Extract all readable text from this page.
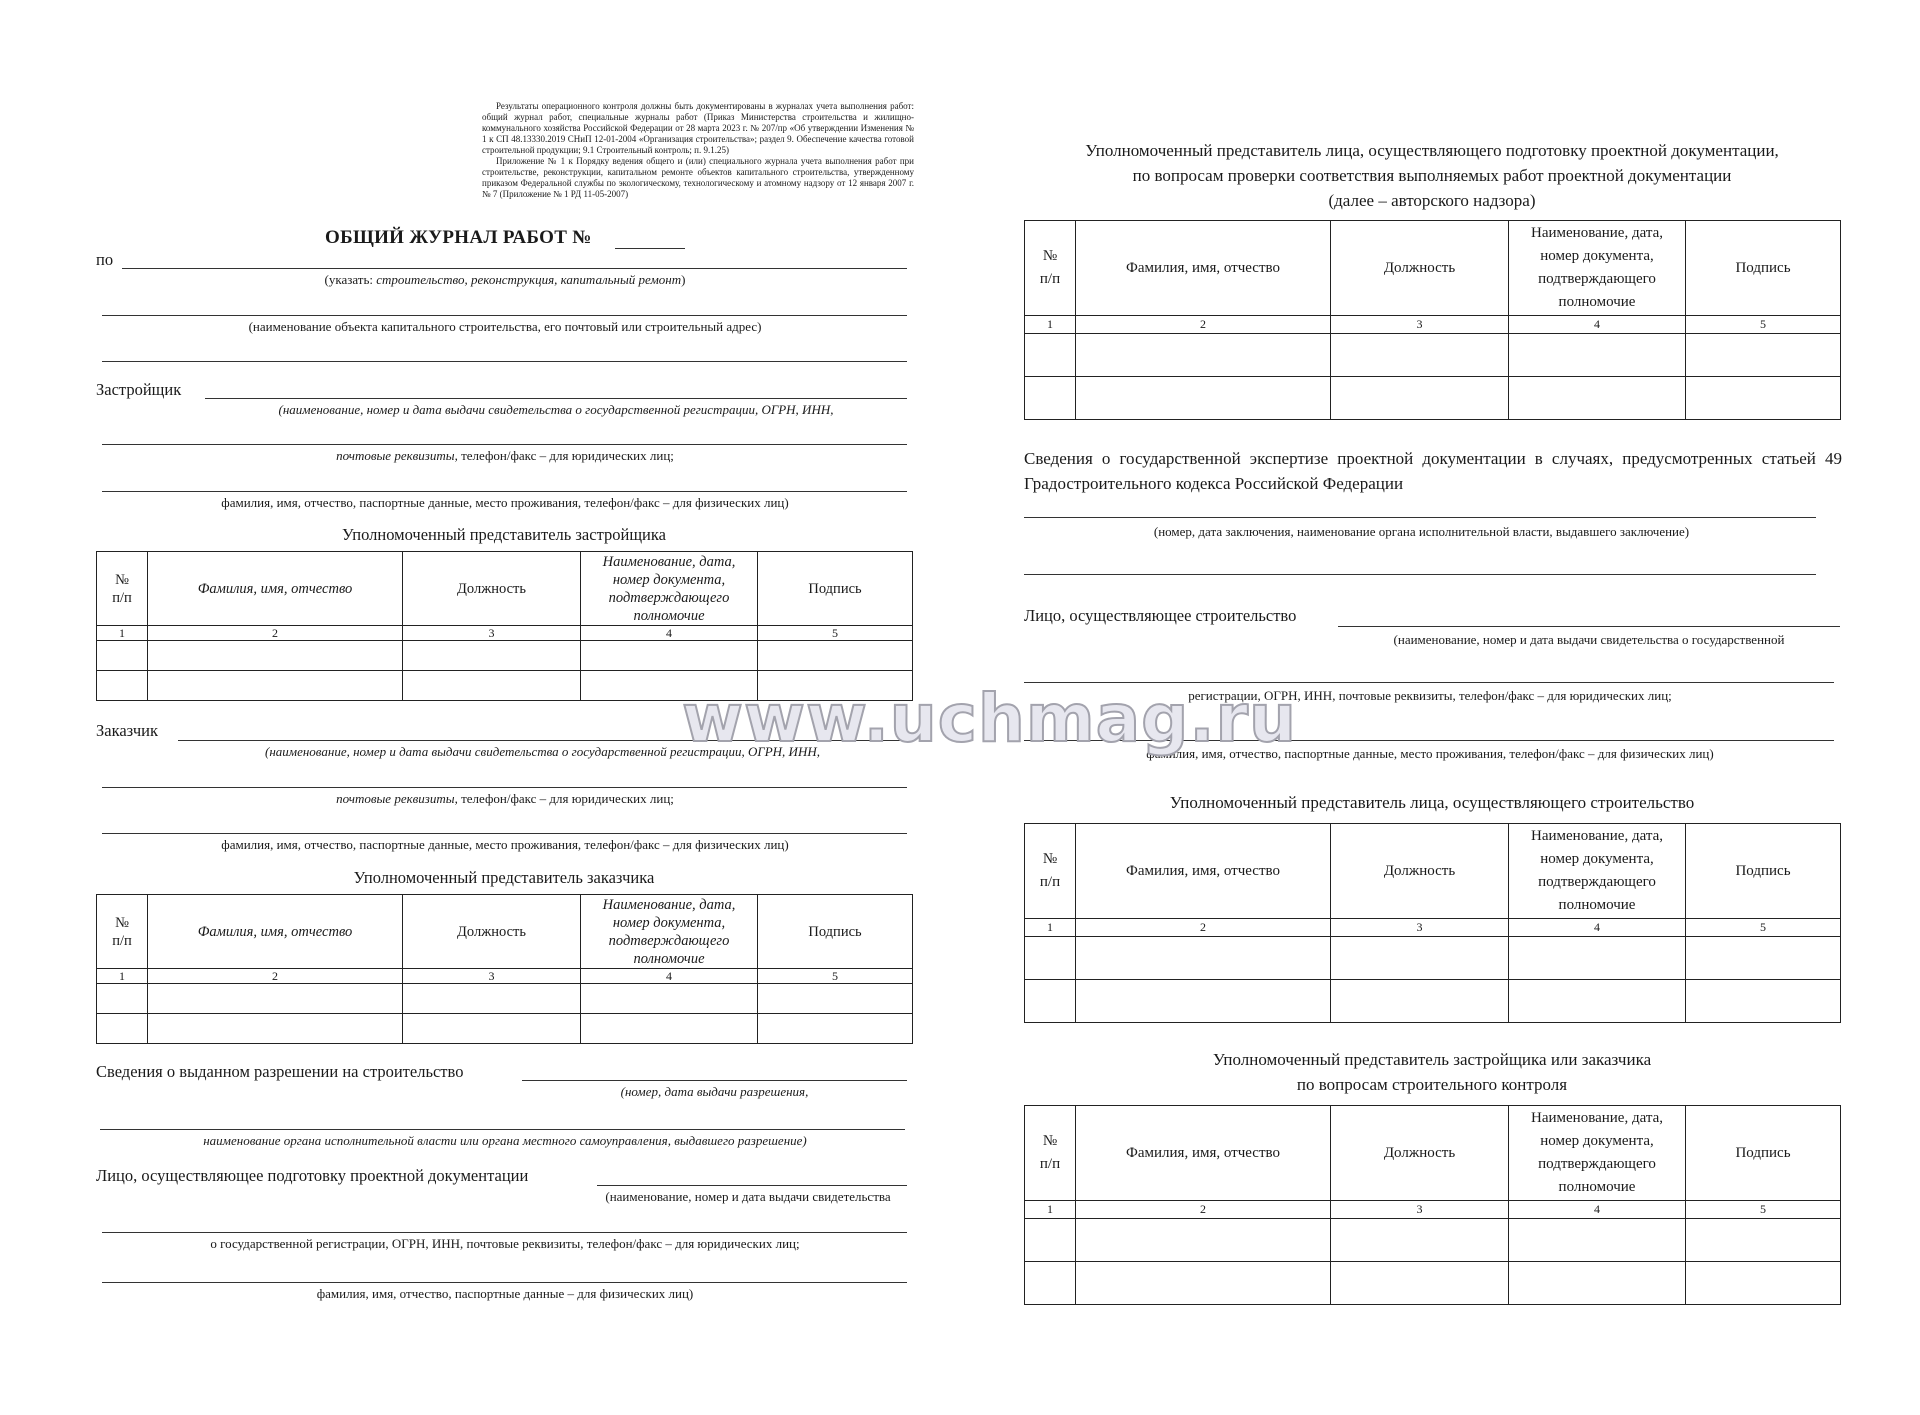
Результаты операционного контроля должны быть документированы в журналах учета выполнения работ: общий журнал работ, специальные журналы работ (Приказ Министерства строительства и жилищно-коммунального хозяйства Российской Федерации от 28 марта 2023 г. № 207/пр «Об утверждении Изменения № 1 к СП 48.13330.2019 СНиП 12-01-2004 «Организация строительства»; раздел 9. Обеспечение качества готовой строительной продукции; 9.1 Строительный контроль; п. 9.1.25)

Приложение № 1 к Порядку ведения общего и (или) специального журнала учета выполнения работ при строительстве, реконструкции, капитальном ремонте объектов капитального строительства, утвержденному приказом Федеральной службы по экологическому, технологическому и атомному надзору от 12 января 2007 г. № 7 (Приложение № 1 РД 11-05-2007)

ОБЩИЙ ЖУРНАЛ РАБОТ №
по
(указать: строительство, реконструкция, капитальный ремонт)
(наименование объекта капитального строительства, его почтовый или строительный адрес)
Застройщик
(наименование, номер и дата выдачи свидетельства о государственной регистрации, ОГРН, ИНН,
почтовые реквизиты, телефон/факс – для юридических лиц;
фамилия, имя, отчество, паспортные данные, место проживания, телефон/факс – для физических лиц)
Уполномоченный представитель застройщика
№
п/п	Фамилия, имя, отчество	Должность	Наименование, дата,
номер документа,
подтверждающего
полномочие	Подпись
1	2	3	4	5

Заказчик
(наименование, номер и дата выдачи свидетельства о государственной регистрации, ОГРН, ИНН,
почтовые реквизиты, телефон/факс – для юридических лиц;
фамилия, имя, отчество, паспортные данные, место проживания, телефон/факс – для физических лиц)
Уполномоченный представитель заказчика
№
п/п	Фамилия, имя, отчество	Должность	Наименование, дата,
номер документа,
подтверждающего
полномочие	Подпись
1	2	3	4	5

Сведения о выданном разрешении на строительство
(номер, дата выдачи разрешения,
наименование органа исполнительной власти или органа местного самоуправления, выдавшего разрешение)
Лицо, осуществляющее подготовку проектной документации
(наименование, номер и дата выдачи свидетельства
о государственной регистрации, ОГРН, ИНН, почтовые реквизиты, телефон/факс – для юридических лиц;
фамилия, имя, отчество, паспортные данные – для физических лиц)
Уполномоченный представитель лица, осуществляющего подготовку проектной документации,
по вопросам проверки соответствия выполняемых работ проектной документации
(далее – авторского надзора)
№
п/п	Фамилия, имя, отчество	Должность	Наименование, дата,
номер документа,
подтверждающего
полномочие	Подпись
1	2	3	4	5

Сведения о государственной экспертизе проектной документации в случаях, предусмотренных статьей 49 Градостроительного кодекса Российской Федерации
(номер, дата заключения, наименование органа исполнительной власти, выдавшего заключение)
Лицо, осуществляющее строительство
(наименование, номер и дата выдачи свидетельства о государственной
регистрации, ОГРН, ИНН, почтовые реквизиты, телефон/факс – для юридических лиц;
фамилия, имя, отчество, паспортные данные, место проживания, телефон/факс – для физических лиц)
Уполномоченный представитель лица, осуществляющего строительство
№
п/п	Фамилия, имя, отчество	Должность	Наименование, дата,
номер документа,
подтверждающего
полномочие	Подпись
1	2	3	4	5

Уполномоченный представитель застройщика или заказчика
по вопросам строительного контроля
№
п/п	Фамилия, имя, отчество	Должность	Наименование, дата,
номер документа,
подтверждающего
полномочие	Подпись
1	2	3	4	5

www.uchmag.ru
